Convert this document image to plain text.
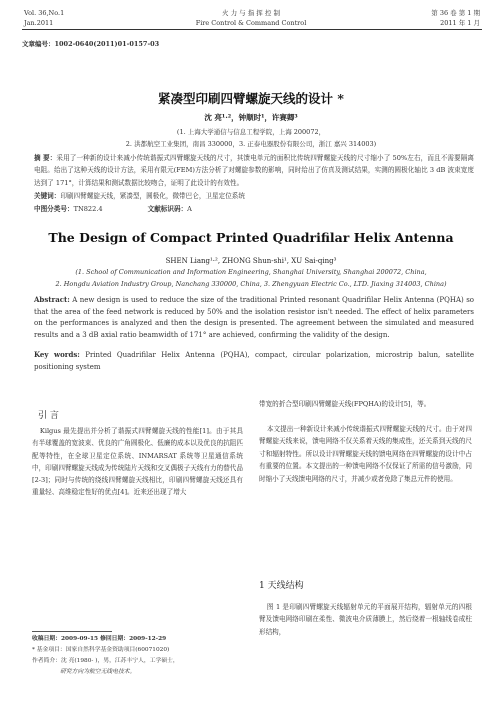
Vol. 36,No.1
Jan.2011
火 力 与 指 挥 控 制
Fire Control & Command Control
第 36 卷 第 1 期
2011 年 1 月
文章编号：1002-0640(2011)01-0157-03
紧凑型印刷四臂螺旋天线的设计 *
沈 亮¹·²，钟顺时¹，许赛卿³
(1. 上海大学通信与信息工程学院，上海 200072，
2. 洪都航空工业集团，南昌 330000，3. 正泰电器股份有限公司，浙江 嘉兴 314003)
摘 要：采用了一种新的设计来减小传统谐振式四臂螺旋天线的尺寸，其馈电单元的面积比传统四臂螺旋天线的尺寸缩小了 50%左右，而且不需要隔离电阻。给出了这种天线的设计方法，采用有限元(FEM)方法分析了对螺旋参数的影响，同时给出了仿真及测试结果，实测的圆极化轴比 3 dB 波束宽度达到了 171°，计算结果和测试数据比较吻合，证明了此设计的有效性。
关键词：印刷四臂螺旋天线，紧凑型，圆极化，微带巴仑，卫星定位系统
中图分类号：TN822.4	文献标识码：A
The Design of Compact Printed Quadrifilar Helix Antenna
SHEN Liang¹·², ZHONG Shun-shi¹, XU Sai-qing³
(1. School of Communication and Information Engineering, Shanghai University, Shanghai 200072, China,
2. Hongdu Aviation Industry Group, Nanchang 330000, China, 3. Zhengyuan Electric Co., LTD. Jiaxing 314003, China)
Abstract: A new design is used to reduce the size of the traditional Printed resonant Quadrifilar Helix Antenna (PQHA) so that the area of the feed network is reduced by 50% and the isolation resistor isn't needed. The effect of helix parameters on the performances is analyzed and then the design is presented. The agreement between the simulated and measured results and a 3 dB axial ratio beamwidth of 171° are achieved, confirming the validity of the design.
Key words: Printed Quadrifilar Helix Antenna (PQHA), compact, circular polarization, microstrip balun, satellite positioning system
引 言
Kilgus 最先提出并分析了谐振式四臂螺旋天线的性能[1]。由于其具有半球覆盖的宽波束、优良的广角圆极化、低廉的成本以及优良的抗阻匹配等特性，在全球卫星定位系统、INMARSAT 系统等卫星通信系统中，印刷四臂螺旋天线成为传统陆片天线和交叉偶极子天线有力的替代品[2-3]；同时与传统的绕线四臂螺旋天线相比，印刷四臂螺旋天线还具有重量轻、高维稳定性好的优点[4]。近来还出现了增大
收稿日期：2009-09-15 修回日期：2009-12-29
* 基金项目：国家自然科学基金资助项目(60071020)
作者简介：沈 亮(1980- )，男，江苏丰宁人，工学硕士，
研究方向为航空无线电技术。
带宽的折合型印刷四臂螺旋天线(FPQHA)的设计[5]，等。
本文提出一种新设计来减小传统谐振式四臂螺旋天线的尺寸。由于对四臂螺旋天线来说，馈电网络不仅关系着天线的集成性，还关系到天线的尺寸和辐射特性。所以设计四臂螺旋天线的馈电网络在四臂螺旋的设计中占有重要的位置。本文提出的一种馈电网络不仅保证了所需的信号激励，同时缩小了天线馈电网络的尺寸，并减少或者免除了集总元件的使用。
1 天线结构
图 1 是印刷四臂螺旋天线辐射单元的平面展开结构，辐射单元的四根臂及馈电网络印刷在柔性、微波电介质薄膜上，然后绕着一根轴线卷成柱形结构，
